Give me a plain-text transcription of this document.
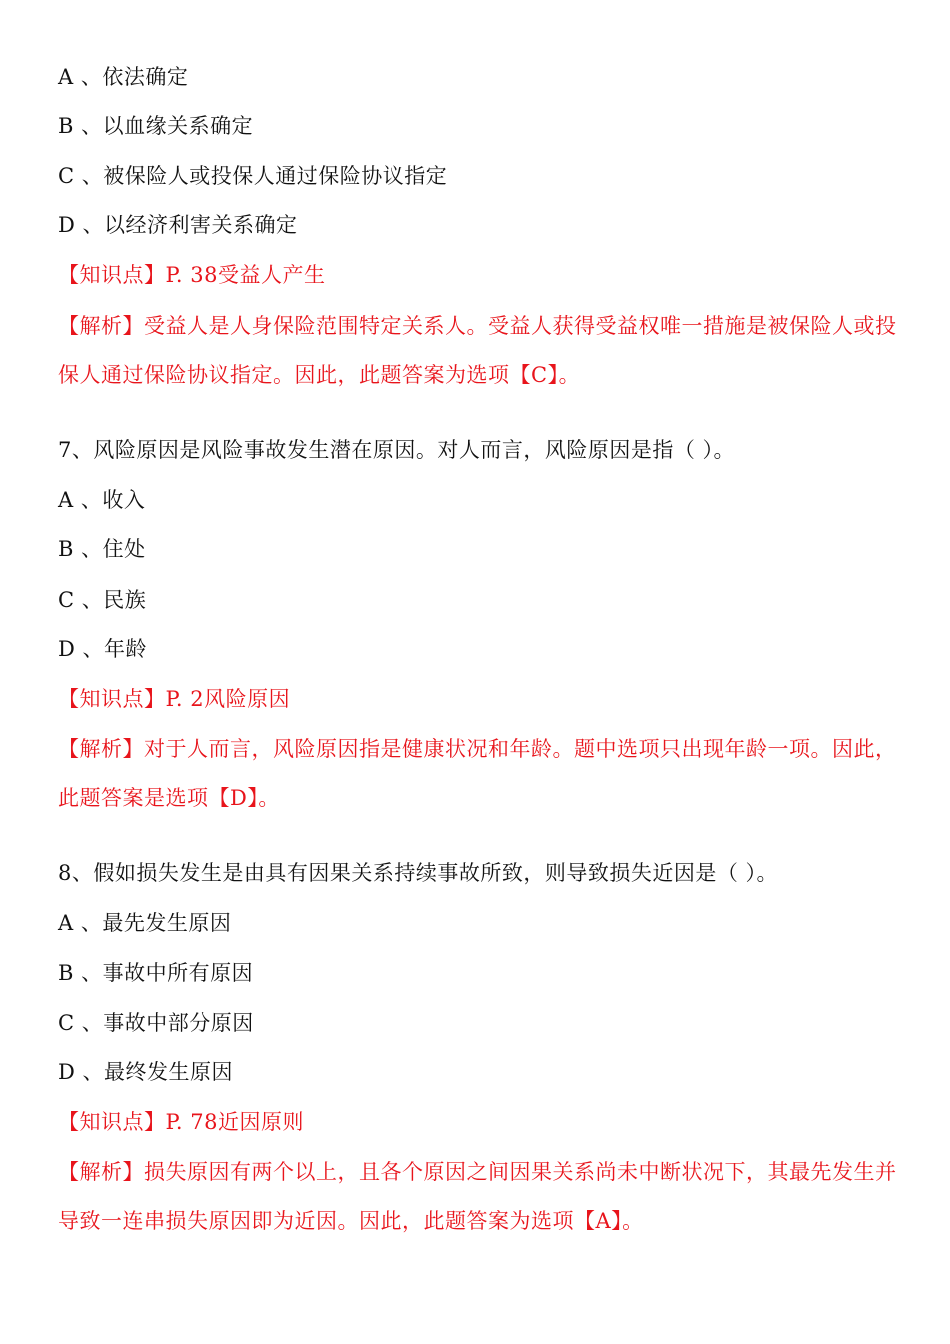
A 、依法确定
B 、以血缘关系确定
C 、被保险人或投保人通过保险协议指定
D 、以经济利害关系确定
【知识点】P. 38受益人产生
【解析】受益人是人身保险范围特定关系人。受益人获得受益权唯一措施是被保险人或投保人通过保险协议指定。因此，此题答案为选项【C】。
7、风险原因是风险事故发生潜在原因。对人而言，风险原因是指（ ）。
A 、收入
B 、住处
C 、民族
D 、年龄
【知识点】P. 2风险原因
【解析】对于人而言，风险原因指是健康状况和年龄。题中选项只出现年龄一项。因此，此题答案是选项【D】。
8、假如损失发生是由具有因果关系持续事故所致，则导致损失近因是（ ）。
A 、最先发生原因
B 、事故中所有原因
C 、事故中部分原因
D 、最终发生原因
【知识点】P. 78近因原则
【解析】损失原因有两个以上，且各个原因之间因果关系尚未中断状况下，其最先发生并导致一连串损失原因即为近因。因此，此题答案为选项【A】。
